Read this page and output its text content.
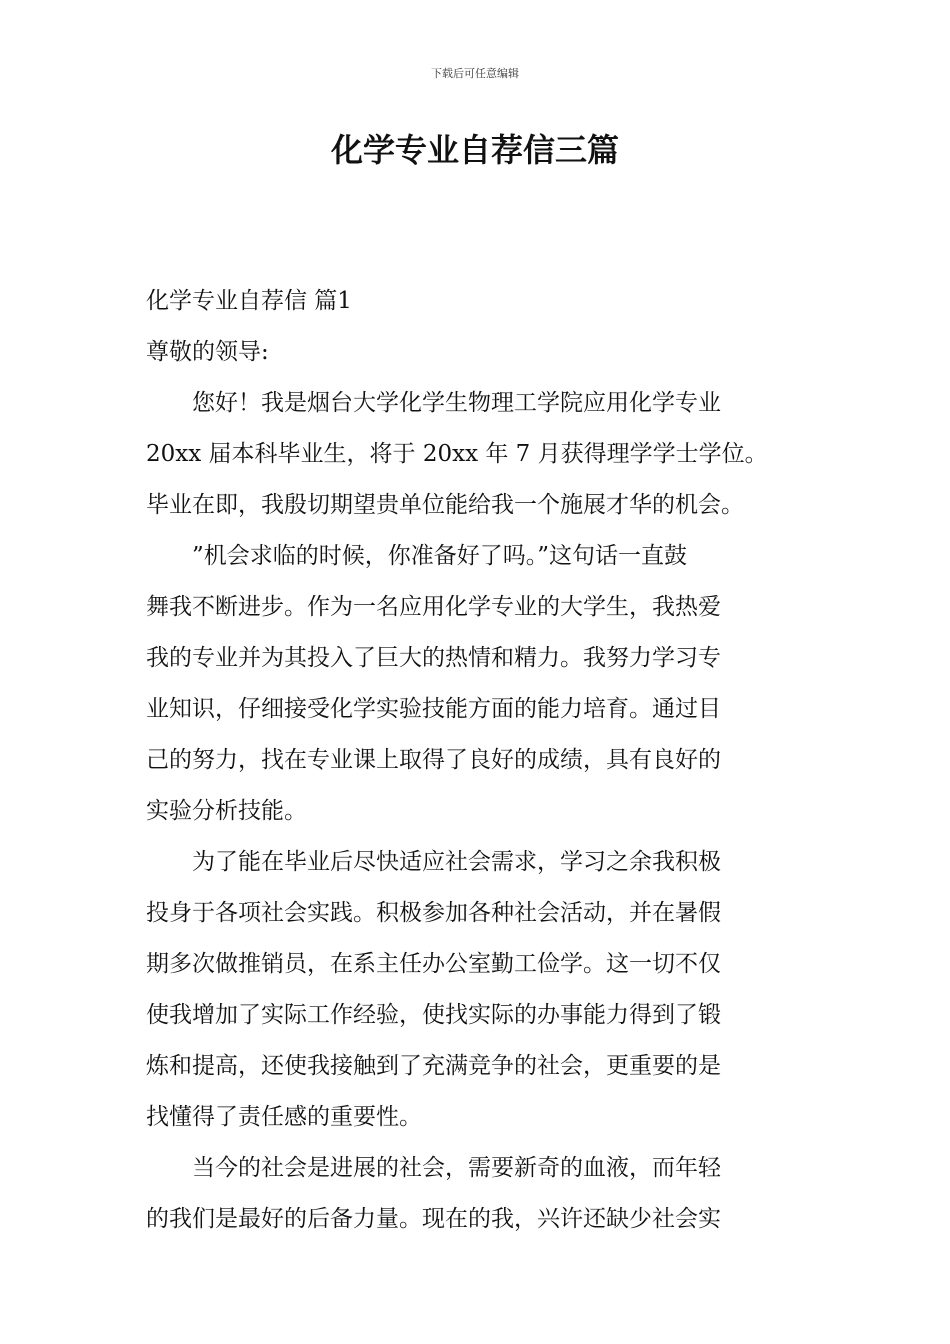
下载后可任意编辑
化学专业自荐信三篇

化学专业自荐信 篇1

尊敬的领导:

您好！我是烟台大学化学生物理工学院应用化学专业

20xx 届本科毕业生，将于 20xx 年 7 月获得理学学士学位。

毕业在即，我殷切期望贵单位能给我一个施展才华的机会。

”机会求临的时候，你准备好了吗。”这句话一直鼓

舞我不断进步。作为一名应用化学专业的大学生，我热爱

我的专业并为其投入了巨大的热情和精力。我努力学习专

业知识，仔细接受化学实验技能方面的能力培育。通过目

己的努力，找在专业课上取得了良好的成绩，具有良好的

实验分析技能。

为了能在毕业后尽快适应社会需求，学习之余我积极

投身于各项社会实践。积极参加各种社会活动，并在暑假

期多次做推销员，在系主任办公室勤工俭学。这一切不仅

使我增加了实际工作经验，使找实际的办事能力得到了锻

炼和提高，还使我接触到了充满竞争的社会，更重要的是

找懂得了责任感的重要性。

当今的社会是进展的社会，需要新奇的血液，而年轻

的我们是最好的后备力量。现在的我，兴许还缺少社会实
